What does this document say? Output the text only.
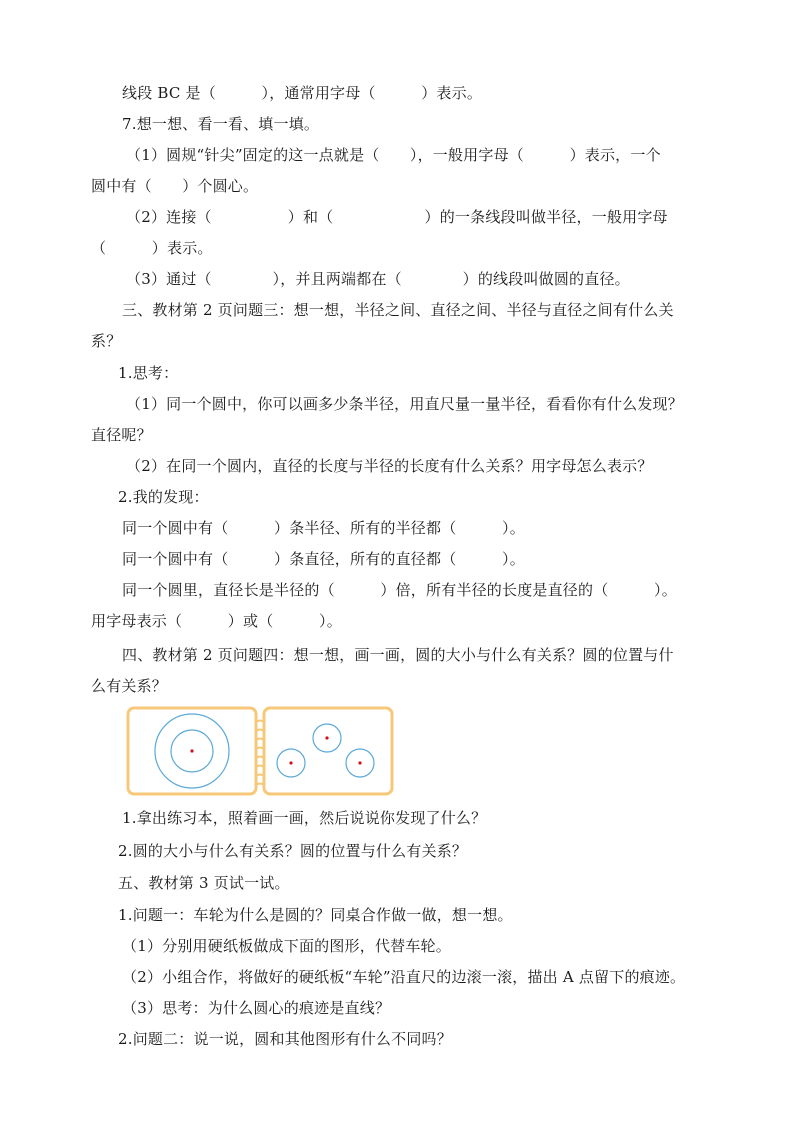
线段 BC 是（　　　），通常用字母（　　　）表示。
7.想一想、看一看、填一填。
（1）圆规“针尖”固定的这一点就是（　　），一般用字母（　　　）表示，一个
圆中有（　　）个圆心。
（2）连接（　　　　　）和（　　　　　　）的一条线段叫做半径，一般用字母
（　　　）表示。
（3）通过（　　　　），并且两端都在（　　　　）的线段叫做圆的直径。
三、教材第 2 页问题三：想一想，半径之间、直径之间、半径与直径之间有什么关
系？
1.思考：
（1）同一个圆中，你可以画多少条半径，用直尺量一量半径，看看你有什么发现？
直径呢？
（2）在同一个圆内，直径的长度与半径的长度有什么关系？用字母怎么表示？
2.我的发现：
同一个圆中有（　　　）条半径、所有的半径都（　　　）。
同一个圆中有（　　　）条直径，所有的直径都（　　　）。
同一个圆里，直径长是半径的（　　　）倍，所有半径的长度是直径的（　　　）。
用字母表示（　　　）或（　　　）。
四、教材第 2 页问题四：想一想，画一画，圆的大小与什么有关系？圆的位置与什
么有关系？
1.拿出练习本，照着画一画，然后说说你发现了什么？
2.圆的大小与什么有关系？圆的位置与什么有关系？
五、教材第 3 页试一试。
1.问题一：车轮为什么是圆的？同桌合作做一做，想一想。
（1）分别用硬纸板做成下面的图形，代替车轮。
（2）小组合作，将做好的硬纸板“车轮”沿直尺的边滚一滚，描出 A 点留下的痕迹。
（3）思考：为什么圆心的痕迹是直线？
2.问题二：说一说，圆和其他图形有什么不同吗？
